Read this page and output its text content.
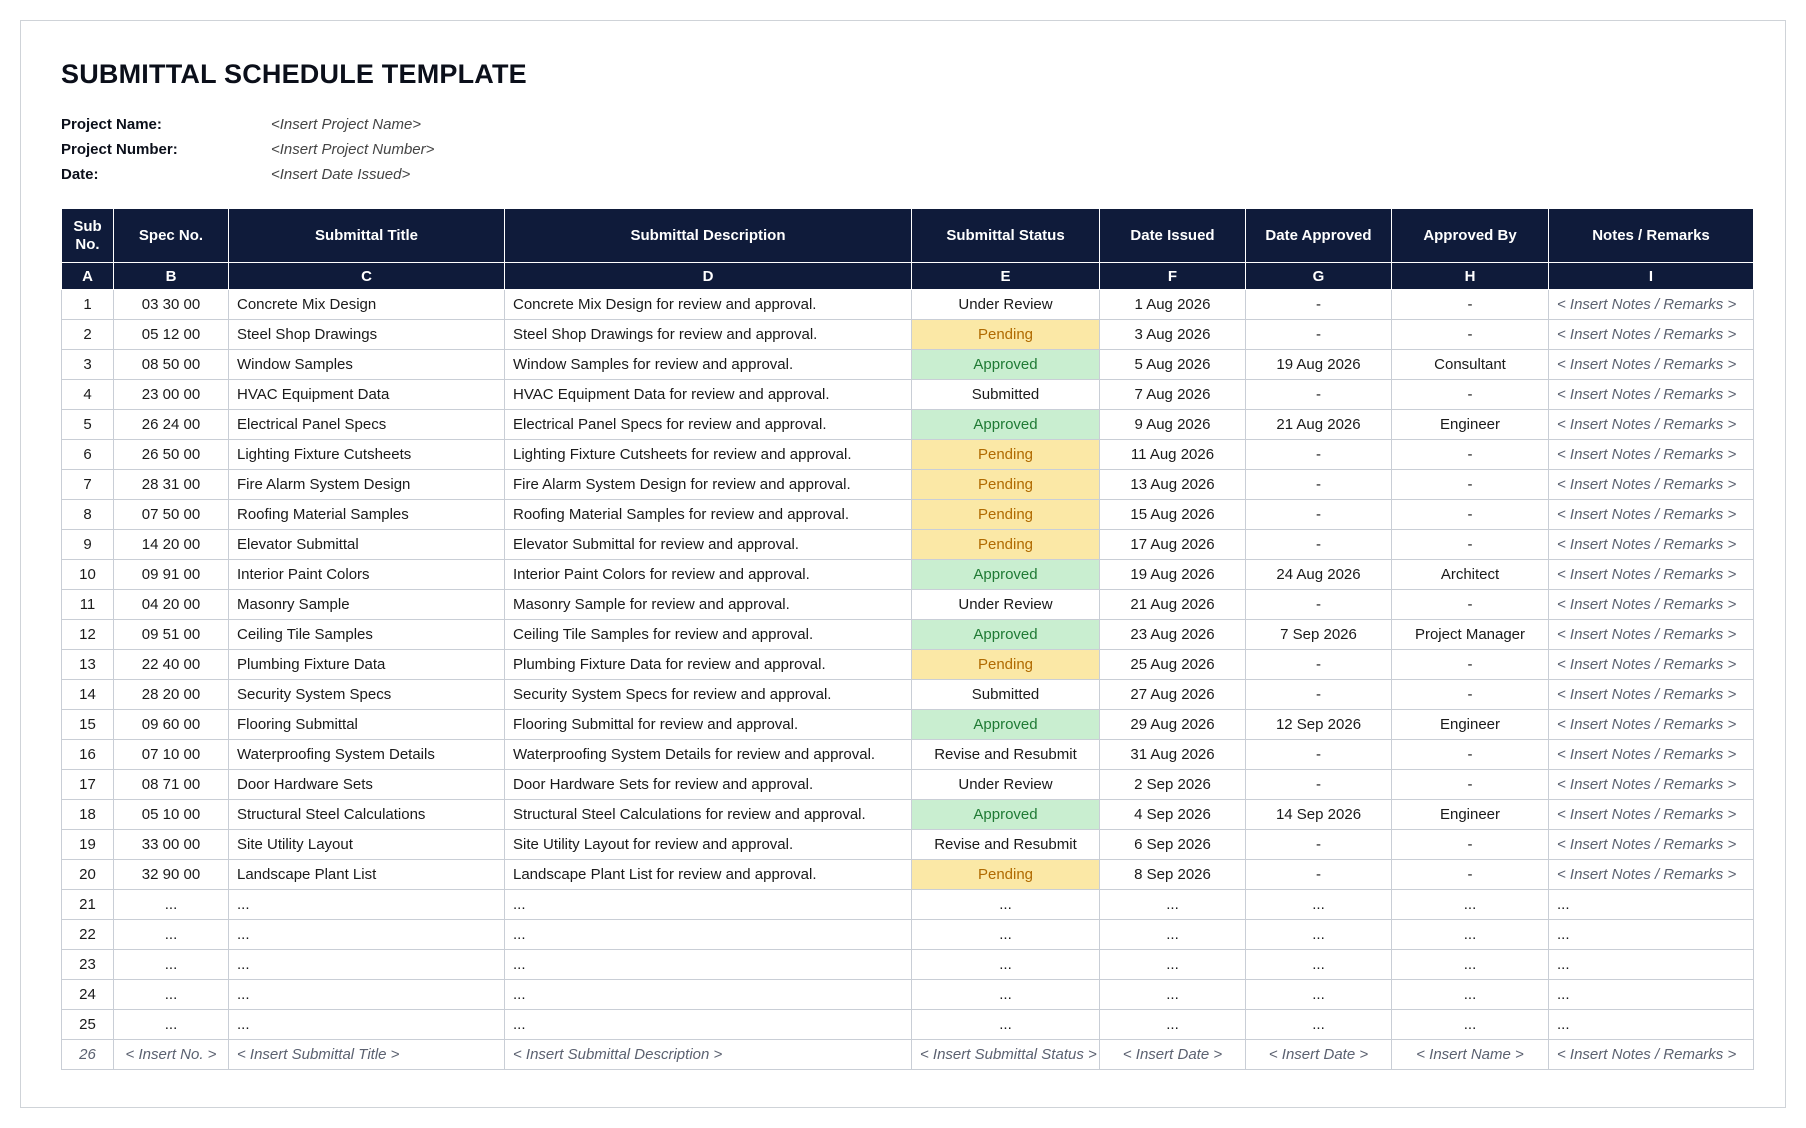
SUBMITTAL SCHEDULE TEMPLATE
Project Name:	<Insert Project Name>
Project Number:	<Insert Project Number>
Date:	<Insert Date Issued>
Sub No.	Spec No.	Submittal Title	Submittal Description	Submittal Status	Date Issued	Date Approved	Approved By	Notes / Remarks
A	B	C	D	E	F	G	H	I
1	03 30 00	Concrete Mix Design	Concrete Mix Design for review and approval.	Under Review	1 Aug 2026	-	-	< Insert Notes / Remarks >
2	05 12 00	Steel Shop Drawings	Steel Shop Drawings for review and approval.	Pending	3 Aug 2026	-	-	< Insert Notes / Remarks >
3	08 50 00	Window Samples	Window Samples for review and approval.	Approved	5 Aug 2026	19 Aug 2026	Consultant	< Insert Notes / Remarks >
4	23 00 00	HVAC Equipment Data	HVAC Equipment Data for review and approval.	Submitted	7 Aug 2026	-	-	< Insert Notes / Remarks >
5	26 24 00	Electrical Panel Specs	Electrical Panel Specs for review and approval.	Approved	9 Aug 2026	21 Aug 2026	Engineer	< Insert Notes / Remarks >
6	26 50 00	Lighting Fixture Cutsheets	Lighting Fixture Cutsheets for review and approval.	Pending	11 Aug 2026	-	-	< Insert Notes / Remarks >
7	28 31 00	Fire Alarm System Design	Fire Alarm System Design for review and approval.	Pending	13 Aug 2026	-	-	< Insert Notes / Remarks >
8	07 50 00	Roofing Material Samples	Roofing Material Samples for review and approval.	Pending	15 Aug 2026	-	-	< Insert Notes / Remarks >
9	14 20 00	Elevator Submittal	Elevator Submittal for review and approval.	Pending	17 Aug 2026	-	-	< Insert Notes / Remarks >
10	09 91 00	Interior Paint Colors	Interior Paint Colors for review and approval.	Approved	19 Aug 2026	24 Aug 2026	Architect	< Insert Notes / Remarks >
11	04 20 00	Masonry Sample	Masonry Sample for review and approval.	Under Review	21 Aug 2026	-	-	< Insert Notes / Remarks >
12	09 51 00	Ceiling Tile Samples	Ceiling Tile Samples for review and approval.	Approved	23 Aug 2026	7 Sep 2026	Project Manager	< Insert Notes / Remarks >
13	22 40 00	Plumbing Fixture Data	Plumbing Fixture Data for review and approval.	Pending	25 Aug 2026	-	-	< Insert Notes / Remarks >
14	28 20 00	Security System Specs	Security System Specs for review and approval.	Submitted	27 Aug 2026	-	-	< Insert Notes / Remarks >
15	09 60 00	Flooring Submittal	Flooring Submittal for review and approval.	Approved	29 Aug 2026	12 Sep 2026	Engineer	< Insert Notes / Remarks >
16	07 10 00	Waterproofing System Details	Waterproofing System Details for review and approval.	Revise and Resubmit	31 Aug 2026	-	-	< Insert Notes / Remarks >
17	08 71 00	Door Hardware Sets	Door Hardware Sets for review and approval.	Under Review	2 Sep 2026	-	-	< Insert Notes / Remarks >
18	05 10 00	Structural Steel Calculations	Structural Steel Calculations for review and approval.	Approved	4 Sep 2026	14 Sep 2026	Engineer	< Insert Notes / Remarks >
19	33 00 00	Site Utility Layout	Site Utility Layout for review and approval.	Revise and Resubmit	6 Sep 2026	-	-	< Insert Notes / Remarks >
20	32 90 00	Landscape Plant List	Landscape Plant List for review and approval.	Pending	8 Sep 2026	-	-	< Insert Notes / Remarks >
21	...	...	...	...	...	...	...	...
22	...	...	...	...	...	...	...	...
23	...	...	...	...	...	...	...	...
24	...	...	...	...	...	...	...	...
25	...	...	...	...	...	...	...	...
26	< Insert No. >	< Insert Submittal Title >	< Insert Submittal Description >	< Insert Submittal Status >	< Insert Date >	< Insert Date >	< Insert Name >	< Insert Notes / Remarks >
